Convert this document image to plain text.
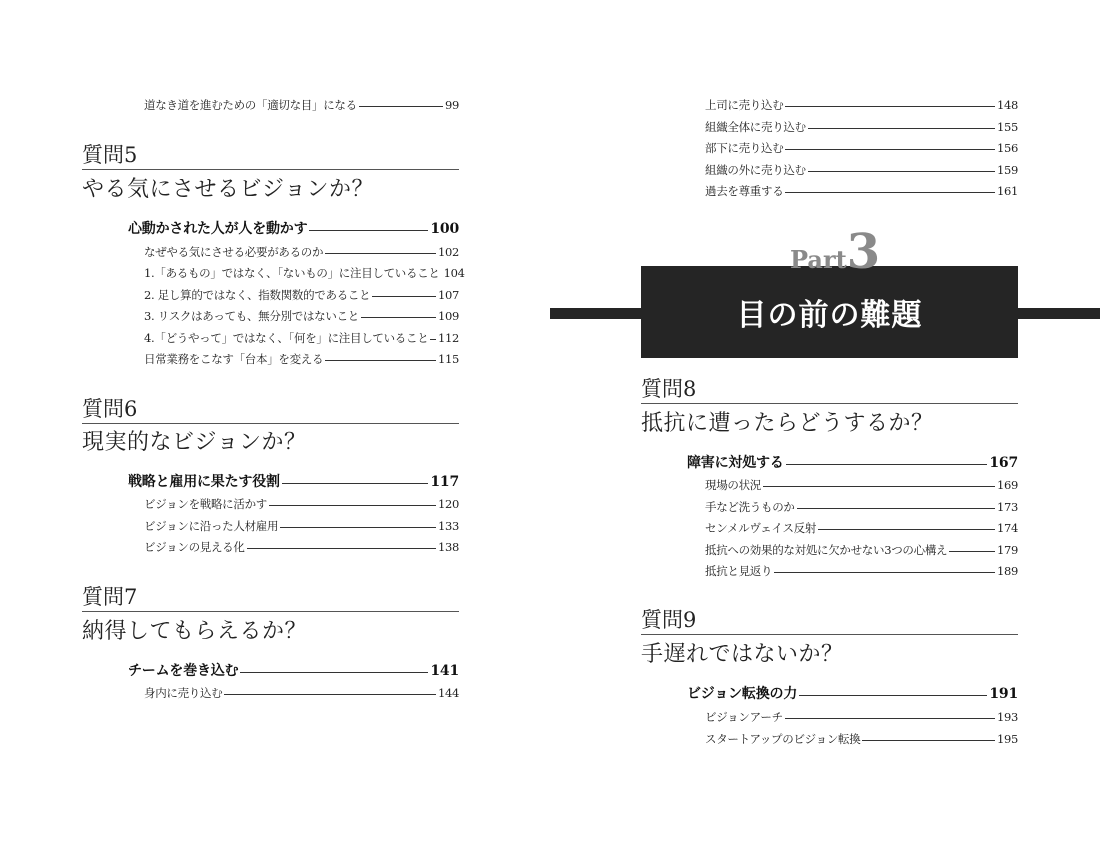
道なき道を進むための「適切な目」になる	99
質問5
やる気にさせるビジョンか？
心動かされた人が人を動かす	100
なぜやる気にさせる必要があるのか	102
1.「あるもの」ではなく、「ないもの」に注目していること 104
2. 足し算的ではなく、指数関数的であること	107
3. リスクはあっても、無分別ではないこと	109
4.「どうやって」ではなく、「何を」に注目していること 112
日常業務をこなす「台本」を変える	115
質問6
現実的なビジョンか？
戦略と雇用に果たす役割	117
ビジョンを戦略に活かす	120
ビジョンに沿った人材雇用	133
ビジョンの見える化	138
質問7
納得してもらえるか？
チームを巻き込む	141
身内に売り込む	144
上司に売り込む	148
組織全体に売り込む	155
部下に売り込む	156
組織の外に売り込む	159
過去を尊重する	161
目の前の難題
Part3
質問8
抵抗に遭ったらどうするか？
障害に対処する	167
現場の状況	169
手など洗うものか	173
センメルヴェイス反射	174
抵抗への効果的な対処に欠かせない3つの心構え	179
抵抗と見返り	189
質問9
手遅れではないか？
ビジョン転換の力	191
ビジョンアーチ	193
スタートアップのビジョン転換	195
